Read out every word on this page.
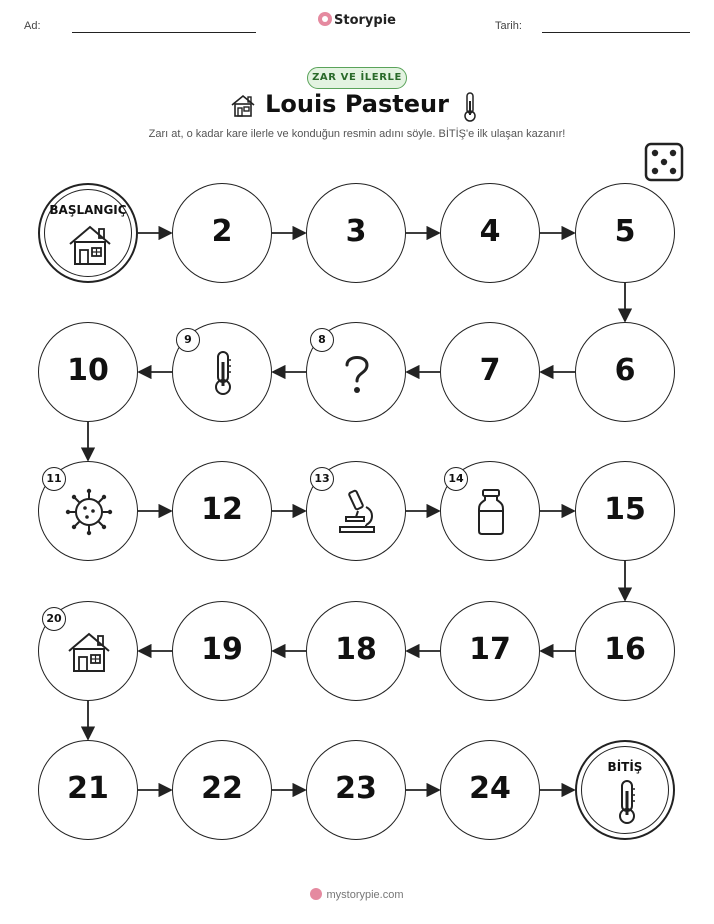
Ad:	Storypie	Tarih:
ZAR VE İLERLE
Louis Pasteur
Zarı at, o kadar kare ilerle ve konduğun resmin adını söyle. BİTİŞ'e ilk ulaşan kazanır!
BAŞLANGIÇ
2	3	4	5
6
7
8
9
10
11
12
13	14
15
16
17
18
19
20
21	22	23	24
BİTİŞ
mystorypie.com
